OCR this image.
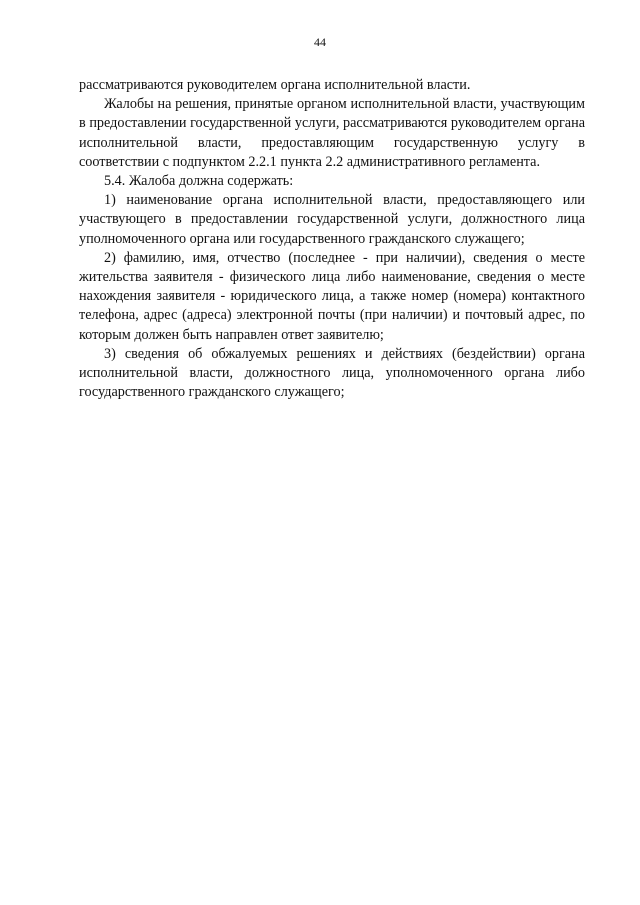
44

рассматриваются руководителем органа исполнительной власти.

Жалобы на решения, принятые органом исполнительной власти, участвующим в предоставлении государственной услуги, рассматриваются руководителем органа исполнительной власти, предоставляющим государственную услугу в соответствии с подпунктом 2.2.1 пункта 2.2 административного регламента.

5.4. Жалоба должна содержать:

1) наименование органа исполнительной власти, предоставляющего или участвующего в предоставлении государственной услуги, должностного лица уполномоченного органа или государственного гражданского служащего;

2) фамилию, имя, отчество (последнее - при наличии), сведения о месте жительства заявителя - физического лица либо наименование, сведения о месте нахождения заявителя - юридического лица, а также номер (номера) контактного телефона, адрес (адреса) электронной почты (при наличии) и почтовый адрес, по которым должен быть направлен ответ заявителю;

3) сведения об обжалуемых решениях и действиях (бездействии) органа исполнительной власти, должностного лица, уполномоченного органа либо государственного гражданского служащего;
